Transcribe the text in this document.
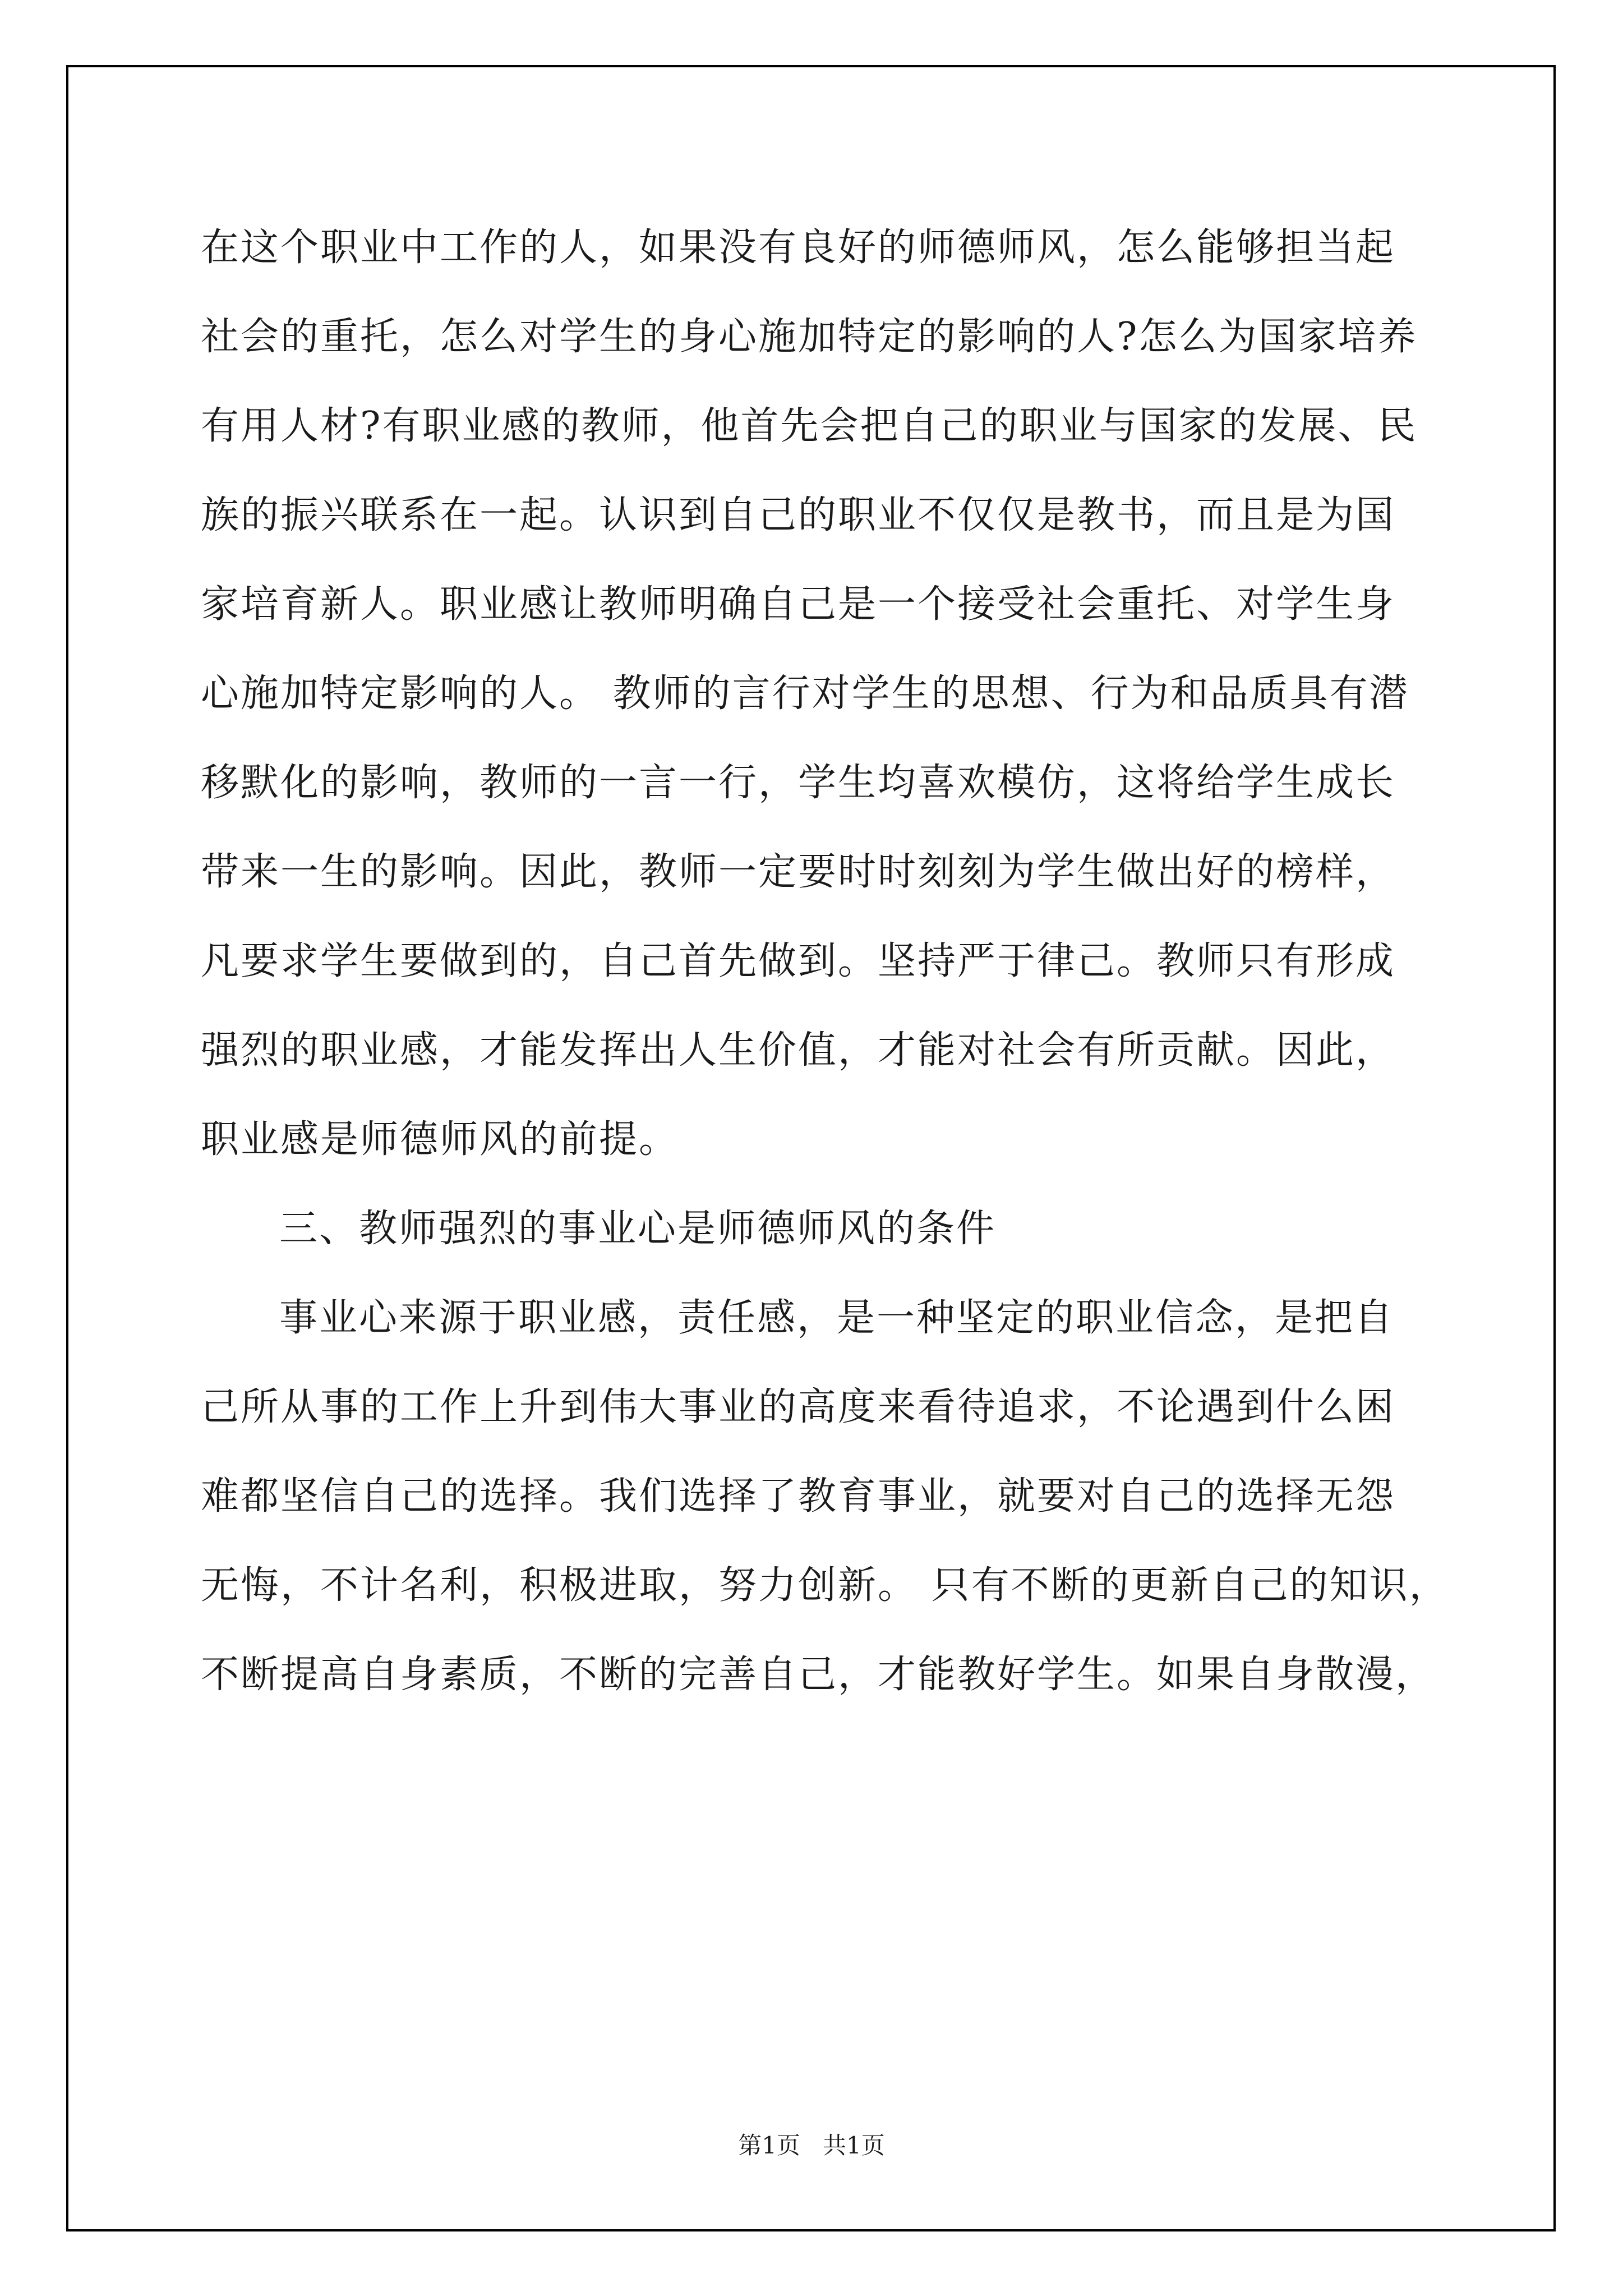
在这个职业中工作的人，如果没有良好的师德师风，怎么能够担当起
社会的重托，怎么对学生的身心施加特定的影响的人?怎么为国家培养
有用人材?有职业感的教师，他首先会把自己的职业与国家的发展、民
族的振兴联系在一起。认识到自己的职业不仅仅是教书，而且是为国
家培育新人。职业感让教师明确自己是一个接受社会重托、对学生身
心施加特定影响的人。 教师的言行对学生的思想、行为和品质具有潜
移默化的影响，教师的一言一行，学生均喜欢模仿，这将给学生成长
带来一生的影响。因此，教师一定要时时刻刻为学生做出好的榜样，
凡要求学生要做到的，自己首先做到。坚持严于律己。教师只有形成
强烈的职业感，才能发挥出人生价值，才能对社会有所贡献。因此，
职业感是师德师风的前提。
三、教师强烈的事业心是师德师风的条件
事业心来源于职业感，责任感，是一种坚定的职业信念，是把自
己所从事的工作上升到伟大事业的高度来看待追求，不论遇到什么困
难都坚信自己的选择。我们选择了教育事业，就要对自己的选择无怨
无悔，不计名利，积极进取，努力创新。 只有不断的更新自己的知识，
不断提高自身素质，不断的完善自己，才能教好学生。如果自身散漫，
第1页 共1页
